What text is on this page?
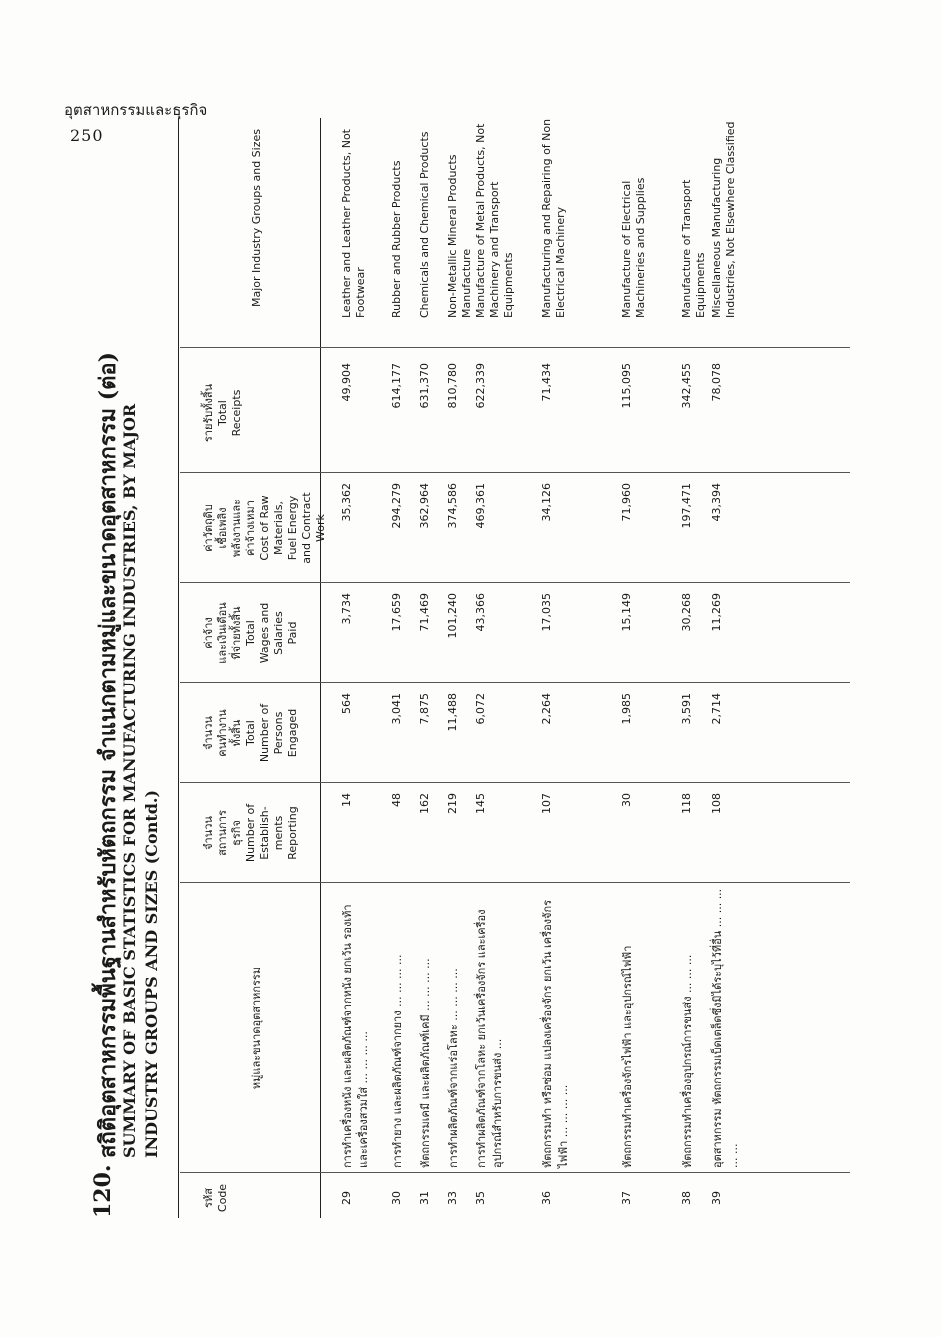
อุตสาหกรรมและธุรกิจ
250
120.
สถิติอุตสาหกรรมพื้นฐานสำหรับหัตถกรรม จำแนกตามหมู่และขนาดอุตสาหกรรม (ต่อ) SUMMARY OF BASIC STATISTICS FOR MANUFACTURING INDUSTRIES, BY MAJOR INDUSTRY GROUPS AND SIZES (Contd.)
รหัส
Code
หมู่และขนาดอุตสาหกรรม
จำนวน
สถานการ
ธุรกิจ
Number of
Establish-
ments
Reporting
จำนวน
คนทำงาน
ทั้งสิ้น
Total
Number of
Persons
Engaged
ค่าจ้าง
และเงินเดือน
ที่จ่ายทั้งสิ้น
Total
Wages and
Salaries
Paid
ค่าวัตถุดิบ
เชื้อเพลิง
พลังงานและ
ค่าจ้างเหมา
Cost of Raw
Materials,
Fuel Energy
and Contract
Work
รายรับทั้งสิ้น
Total
Receipts
Major Industry Groups and Sizes
29
การทำเครื่องหนัง และผลิตภัณฑ์จากหนัง ยกเว้น รองเท้า และเครื่องสวมใส่ ... ... ... ...
14
564
3,734
35,362
49,904
Leather and Leather Products, Not Footwear
30
การทำยาง และผลิตภัณฑ์จากยาง ... ... ... ...
48
3,041
17,659
294,279
614,177
Rubber and Rubber Products
31
หัตถกรรมเคมี และผลิตภัณฑ์เคมี ... ... ... ...
162
7,875
71,469
362,964
631,370
Chemicals and Chemical Products
33
การทำผลิตภัณฑ์จากแร่อโลหะ ... ... ... ...
219
11,488
101,240
374,586
810,780
Non-Metallic Mineral Products Manufacture
35
การทำผลิตภัณฑ์จากโลหะ ยกเว้นเครื่องจักร และเครื่องอุปกรณ์สำหรับการขนส่ง ...
145
6,072
43,366
469,361
622,339
Manufacture of Metal Products, Not Machinery and Transport Equipments
36
หัตถกรรมทำ หรือซ่อม แปลงเครื่องจักร ยกเว้น เครื่องจักรไฟฟ้า ... ... ... ...
107
2,264
17,035
34,126
71,434
Manufacturing and Repairing of Non Electrical Machinery
37
หัตถกรรมทำเครื่องจักรไฟฟ้า และอุปกรณ์ไฟฟ้า
30
1,985
15,149
71,960
115,095
Manufacture of Electrical Machineries and Supplies
38
หัตถกรรมทำเครื่องอุปกรณ์การขนส่ง ... ... ...
118
3,591
30,268
197,471
342,455
Manufacture of Transport Equipments
39
อุตสาหกรรม หัตถกรรมเบ็ดเตล็ดซึ่งมิได้ระบุไว้ที่อื่น ... ... ... ... ...
108
2,714
11,269
43,394
78,078
Miscellaneous Manufacturing Industries, Not Elsewhere Classified
